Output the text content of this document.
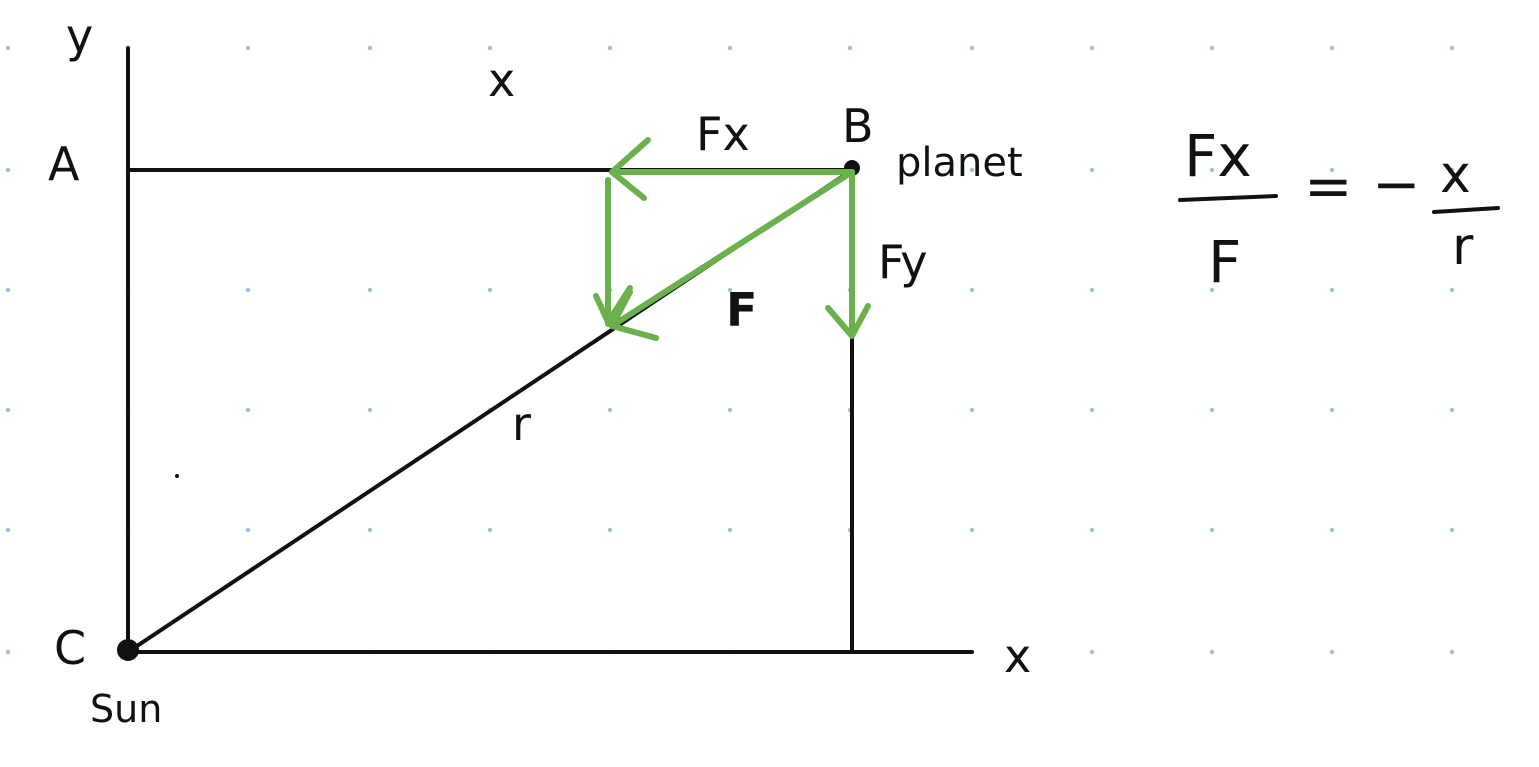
y
x
x
A
B
C
planet
Sun
r
F
Fx
Fy
Fx
F
= − x
r
